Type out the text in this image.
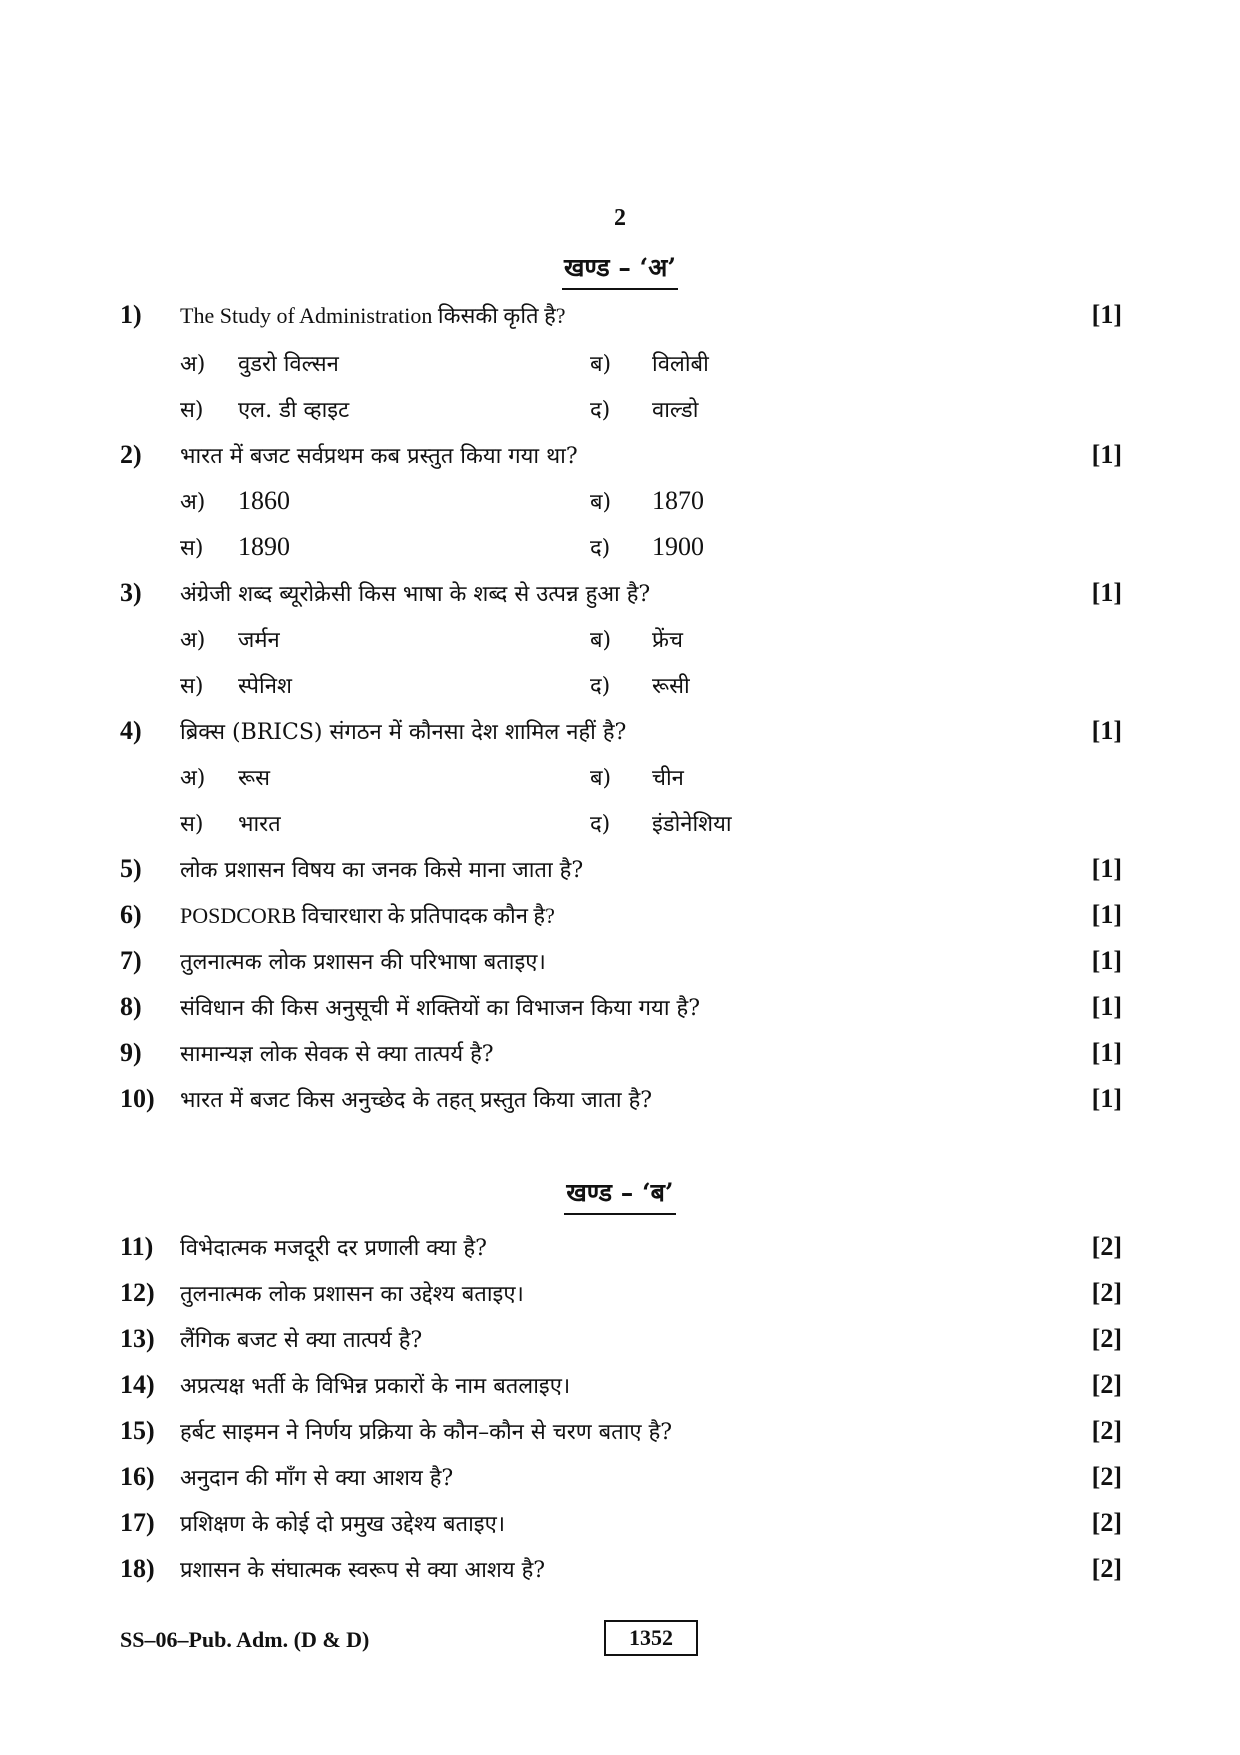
2
खण्ड – ‘अ’
1) The Study of Administration किसकी कृति है?	[1]
अ) वुडरो विल्सन	ब) विलोबी
स) एल. डी व्हाइट	द) वाल्डो
2) भारत में बजट सर्वप्रथम कब प्रस्तुत किया गया था?	[1]
अ) 1860	ब) 1870
स) 1890	द) 1900
3) अंग्रेजी शब्द ब्यूरोक्रेसी किस भाषा के शब्द से उत्पन्न हुआ है?	[1]
अ) जर्मन	ब) फ्रेंच
स) स्पेनिश	द) रूसी
4) ब्रिक्स (BRICS) संगठन में कौनसा देश शामिल नहीं है?	[1]
अ) रूस	ब) चीन
स) भारत	द) इंडोनेशिया
5) लोक प्रशासन विषय का जनक किसे माना जाता है?	[1]
6) POSDCORB विचारधारा के प्रतिपादक कौन है?	[1]
7) तुलनात्मक लोक प्रशासन की परिभाषा बताइए।	[1]
8) संविधान की किस अनुसूची में शक्तियों का विभाजन किया गया है?	[1]
9) सामान्यज्ञ लोक सेवक से क्या तात्पर्य है?	[1]
10) भारत में बजट किस अनुच्छेद के तहत् प्रस्तुत किया जाता है?	[1]
खण्ड – ‘ब’
11) विभेदात्मक मजदूरी दर प्रणाली क्या है?	[2]
12) तुलनात्मक लोक प्रशासन का उद्देश्य बताइए।	[2]
13) लैंगिक बजट से क्या तात्पर्य है?	[2]
14) अप्रत्यक्ष भर्ती के विभिन्न प्रकारों के नाम बतलाइए।	[2]
15) हर्बट साइमन ने निर्णय प्रक्रिया के कौन–कौन से चरण बताए है?	[2]
16) अनुदान की माँग से क्या आशय है?	[2]
17) प्रशिक्षण के कोई दो प्रमुख उद्देश्य बताइए।	[2]
18) प्रशासन के संघात्मक स्वरूप से क्या आशय है?	[2]
SS–06–Pub. Adm. (D & D)	1352
